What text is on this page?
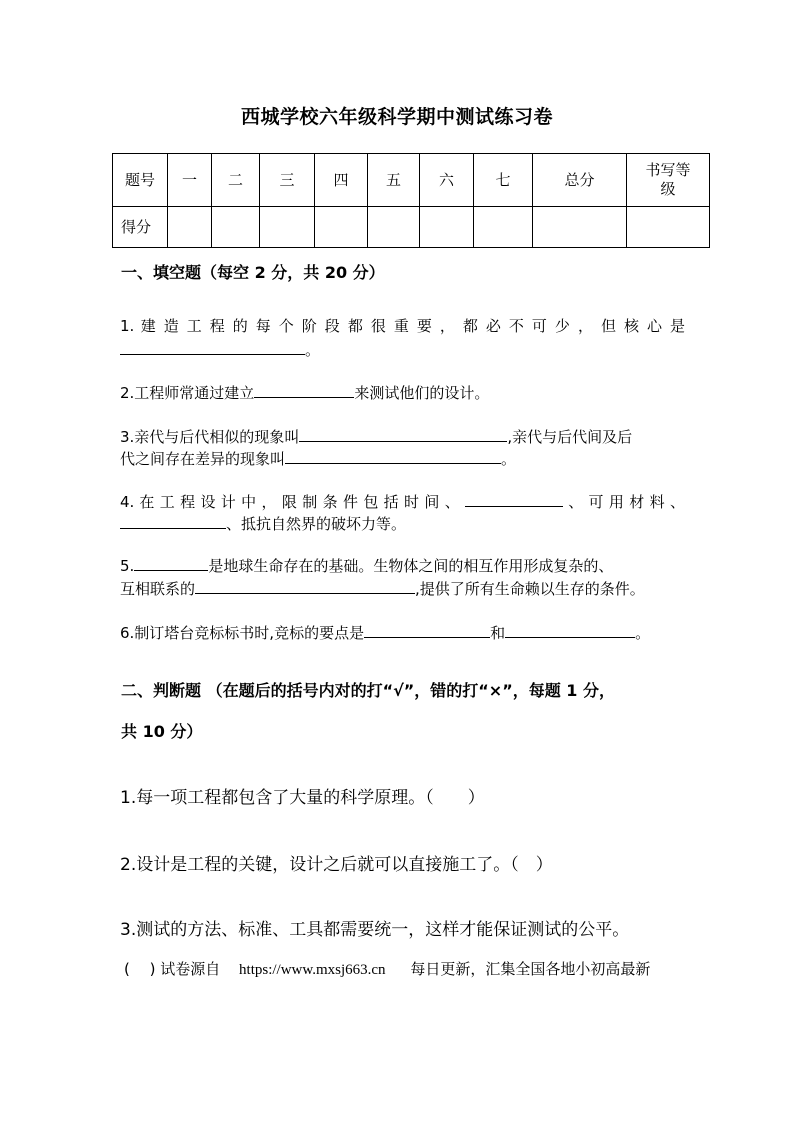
西城学校六年级科学期中测试练习卷
题号	一	二	三	四	五	六	七	总分	书写等级
得分									
一、填空题（每空 2 分，共 20 分）
1. 建 造 工 程 的 每 个 阶 段 都 很 重 要 ， 都 必 不 可 少 ， 但 核 心 是
。
2.工程师常通过建立	来测试他们的设计。
3.亲代与后代相似的现象叫	,亲代与后代间及后
代之间存在差异的现象叫	。
4. 在 工 程 设 计 中 ， 限 制 条 件 包 括 时 间 、	、 可 用 材 料 、
、抵抗自然界的破坏力等。
5.	是地球生命存在的基础。生物体之间的相互作用形成复杂的、
互相联系的	,提供了所有生命赖以生存的条件。
6.制订塔台竞标标书时,竞标的要点是	和	。
二、判断题 （在题后的括号内对的打“√”，错的打“×”，每题 1 分，
共 10 分）
1.每一项工程都包含了大量的科学原理。（　　）
2.设计是工程的关键，设计之后就可以直接施工了。（　）
3.测试的方法、标准、工具都需要统一，这样才能保证测试的公平。
(　 ) 试卷源自 https://www.mxsj663.cn 每日更新，汇集全国各地小初高最新
